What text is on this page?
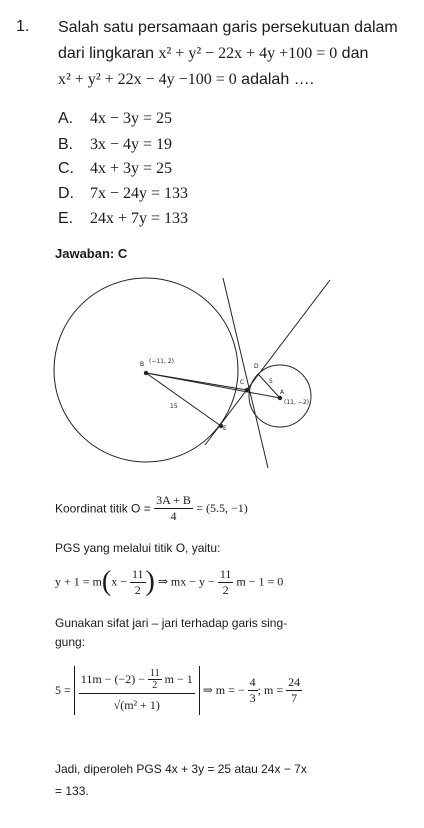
1. Salah satu persamaan garis persekutuan dalam
dari lingkaran x² + y² − 22x + 4y +100 = 0 dan
x² + y² + 22x − 4y −100 = 0 adalah ….
A. 4x − 3y = 25
B. 3x − 4y = 19
C. 4x + 3y = 25
D. 7x − 24y = 133
E. 24x + 7y = 133
Jawaban: C
B (−11, 2)
A
(11, −2)
C
D
E
15
5
Koordinat titik $O = \frac{3A + B}{4} = (5.5$, −1)
PGS yang melalui titik O, yaitu:
$y + 1 = m(x - \frac{11}{2}$ ) ⇒ mx − $y - \frac{11}{2}$ m − 1 = 0
Gunakan sifat jari – jari terhadap garis sing-
gung:
5 =
$11m - (-2) - \frac{11}{2}$ m − 1
√(m² + 1)
⇒ m = − $\frac{4}{3}$ ; $m = \frac{24}{7}$
Jadi, diperoleh PGS 4x + 3y = 25 atau 24x − 7x
= 133.
